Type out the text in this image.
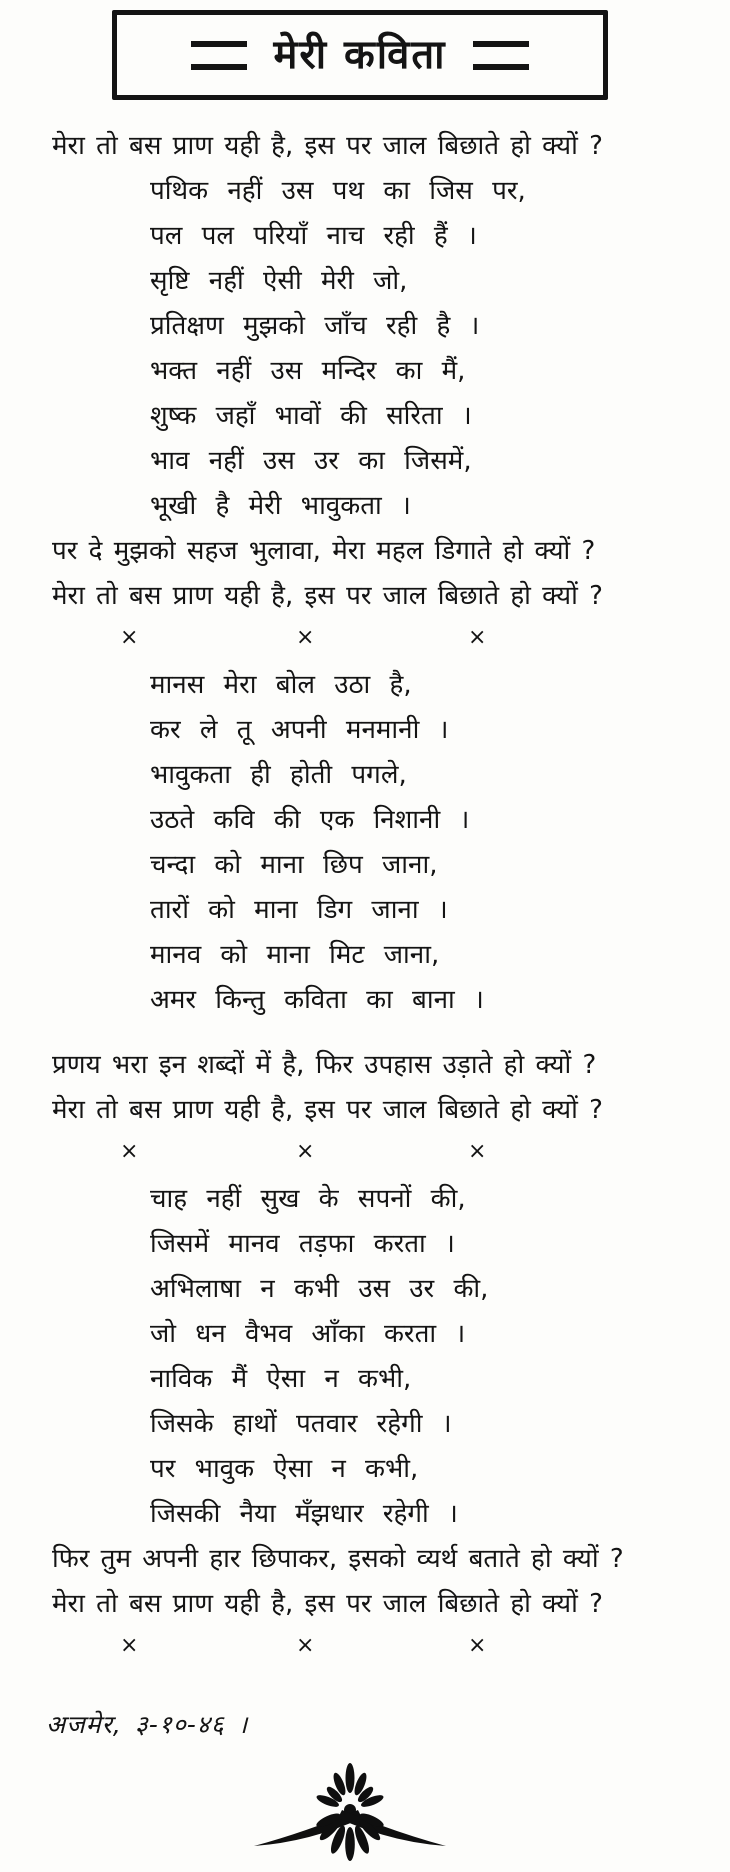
मेरी कविता

मेरा तो बस प्राण यही है, इस पर जाल बिछाते हो क्यों ?

पथिक नहीं उस पथ का जिस पर,

पल पल परियाँ नाच रही हैं ।

सृष्टि नहीं ऐसी मेरी जो,

प्रतिक्षण मुझको जाँच रही है ।

भक्त नहीं उस मन्दिर का मैं,

शुष्क जहाँ भावों की सरिता ।

भाव नहीं उस उर का जिसमें,

भूखी है मेरी भावुकता ।

पर दे मुझको सहज भुलावा, मेरा महल डिगाते हो क्यों ?

मेरा तो बस प्राण यही है, इस पर जाल बिछाते हो क्यों ?

×	×	×

मानस मेरा बोल उठा है,

कर ले तू अपनी मनमानी ।

भावुकता ही होती पगले,

उठते कवि की एक निशानी ।

चन्दा को माना छिप जाना,

तारों को माना डिग जाना ।

मानव को माना मिट जाना,

अमर किन्तु कविता का बाना ।

प्रणय भरा इन शब्दों में है, फिर उपहास उड़ाते हो क्यों ?

मेरा तो बस प्राण यही है, इस पर जाल बिछाते हो क्यों ?

×	×	×

चाह नहीं सुख के सपनों की,

जिसमें मानव तड़फा करता ।

अभिलाषा न कभी उस उर की,

जो धन वैभव आँका करता ।

नाविक मैं ऐसा न कभी,

जिसके हाथों पतवार रहेगी ।

पर भावुक ऐसा न कभी,

जिसकी नैया मँझधार रहेगी ।

फिर तुम अपनी हार छिपाकर, इसको व्यर्थ बताते हो क्यों ?

मेरा तो बस प्राण यही है, इस पर जाल बिछाते हो क्यों ?

×	×	×
अजमेर, ३-१०-४६ ।
